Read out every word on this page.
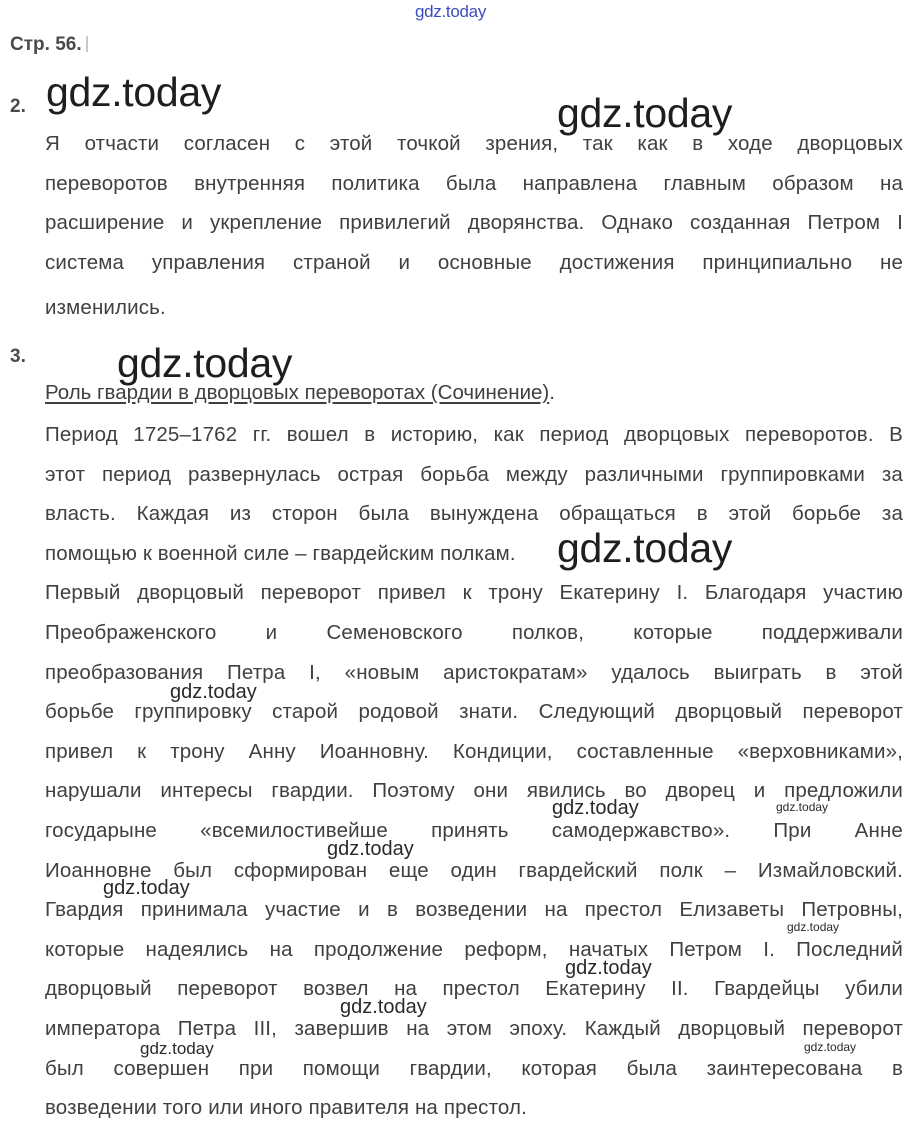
gdz.today
Стр. 56.
2.
Я отчасти согласен с этой точкой зрения, так как в ходе дворцовых
переворотов внутренняя политика была направлена главным образом на
расширение и укрепление привилегий дворянства. Однако созданная Петром I
система управления страной и основные достижения принципиально не
изменились.
3.
Роль гвардии в дворцовых переворотах (Сочинение).
Период 1725–1762 гг. вошел в историю, как период дворцовых переворотов. В
этот период развернулась острая борьба между различными группировками за
власть. Каждая из сторон была вынуждена обращаться в этой борьбе за
помощью к военной силе – гвардейским полкам.
Первый дворцовый переворот привел к трону Екатерину I. Благодаря участию
Преображенского и Семеновского полков, которые поддерживали
преобразования Петра I, «новым аристократам» удалось выиграть в этой
борьбе группировку старой родовой знати. Следующий дворцовый переворот
привел к трону Анну Иоанновну. Кондиции, составленные «верховниками»,
нарушали интересы гвардии. Поэтому они явились во дворец и предложили
государыне «всемилостивейше принять самодержавство». При Анне
Иоанновне был сформирован еще один гвардейский полк – Измайловский.
Гвардия принимала участие и в возведении на престол Елизаветы Петровны,
которые надеялись на продолжение реформ, начатых Петром I. Последний
дворцовый переворот возвел на престол Екатерину II. Гвардейцы убили
императора Петра III, завершив на этом эпоху. Каждый дворцовый переворот
был совершен при помощи гвардии, которая была заинтересована в
возведении того или иного правителя на престол.
gdz.today	gdz.today
gdz.today
gdz.today
gdz.today
gdz.today
gdz.today
gdz.today
gdz.today
gdz.today
gdz.today
gdz.today
gdz.today
gdz.today
